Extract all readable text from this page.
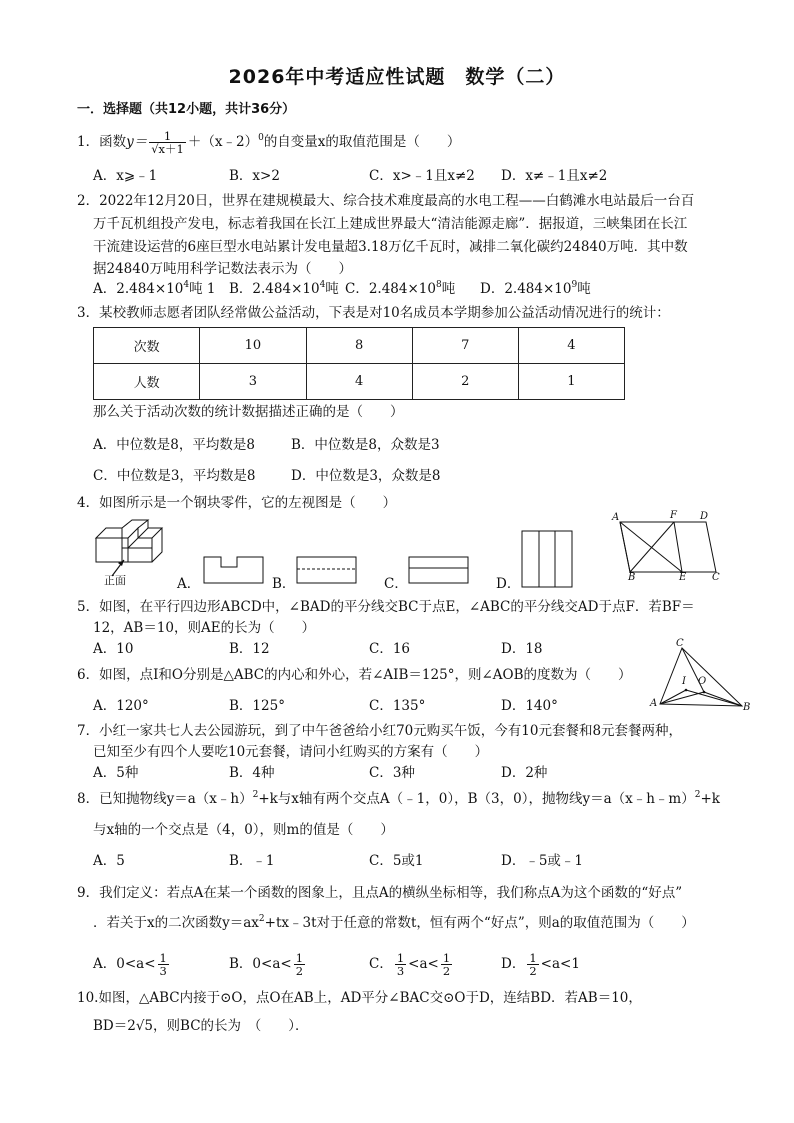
2026年中考适应性试题　数学（二）
一．选择题（共12小题，共计36分）
1．函数$y= \frac{1}{√x+1}$ ＋（x﹣2）$^0$的自变量x的取值范围是（　　）
A．x⩾﹣1	B．x>2	C．x>﹣1且x≠2 D．x≠﹣1且x≠2
2．2022年12月20日，世界在建规模最大、综合技术难度最高的水电工程——白鹤滩水电站最后一台百
万千瓦机组投产发电，标志着我国在长江上建成世界最大“清洁能源走廊”．据报道，三峡集团在长江
干流建设运营的6座巨型水电站累计发电量超3.18万亿千瓦时，减排二氧化碳约24840万吨．其中数
据24840万吨用科学记数法表示为（　　）
A．$2.484\times 10^4$吨 1 B．$2.484\times 10^4$吨 C．$2.484\times 10^8$吨 D．$2.484\times 10^9$吨
3．某校教师志愿者团队经常做公益活动，下表是对10名成员本学期参加公益活动情况进行的统计：
次数	10	8	7	4
人数	3	4	2	1
那么关于活动次数的统计数据描述正确的是（　　）
A．中位数是8，平均数是8	B．中位数是8，众数是3
C．中位数是3，平均数是8	D．中位数是3，众数是8
4．如图所示是一个钢块零件，它的左视图是（　　）
正面	A．	B．	C．	D．
A	F D
B	E	C
5．如图，在平行四边形ABCD中，∠BAD的平分线交BC于点E，∠ABC的平分线交AD于点F．若BF＝
12，AB＝10，则AE的长为（　　）
A．10	B．12	C．16	D．18
6．如图，点I和O分别是△ABC的内心和外心，若∠AIB＝125°，则∠AOB的度数为（　　）
A．120°	B．125°	C．135°	D．140°
C
I O
A	B
7．小红一家共七人去公园游玩，到了中午爸爸给小红70元购买午饭，今有10元套餐和8元套餐两种，
已知至少有四个人要吃10元套餐，请问小红购买的方案有（　　）
A．5种	B．4种	C．3种	D．2种
8．已知抛物线y＝a（x﹣h）$^2$+k与x轴有两个交点A（﹣1，0），B（3，0），抛物线y＝a（x﹣h﹣m）$^2$+k
与x轴的一个交点是（4，0），则m的值是（　　）
A．5	B．﹣1	C．5或1	D．﹣5或﹣1
9．我们定义：若点A在某一个函数的图象上，且点A的横纵坐标相等，我们称点A为这个函数的“好点”
．若关于x的二次函数$y=ax^2+tx﹣3t$对于任意的常数t，恒有两个“好点”，则a的取值范围为（　　）
A．$0<a< \frac{1}{3}$	B．$0<a< \frac{1}{2}$	C． $\frac{1}{3} <a< \frac{1}{2}$	D． $\frac{1}{2} <a<1$
10.如图，△ABC内接于⊙O，点O在AB上，AD平分∠BAC交⊙O于D，连结BD．若AB＝10，
BD＝2√5，则BC的长为　（　　）．
